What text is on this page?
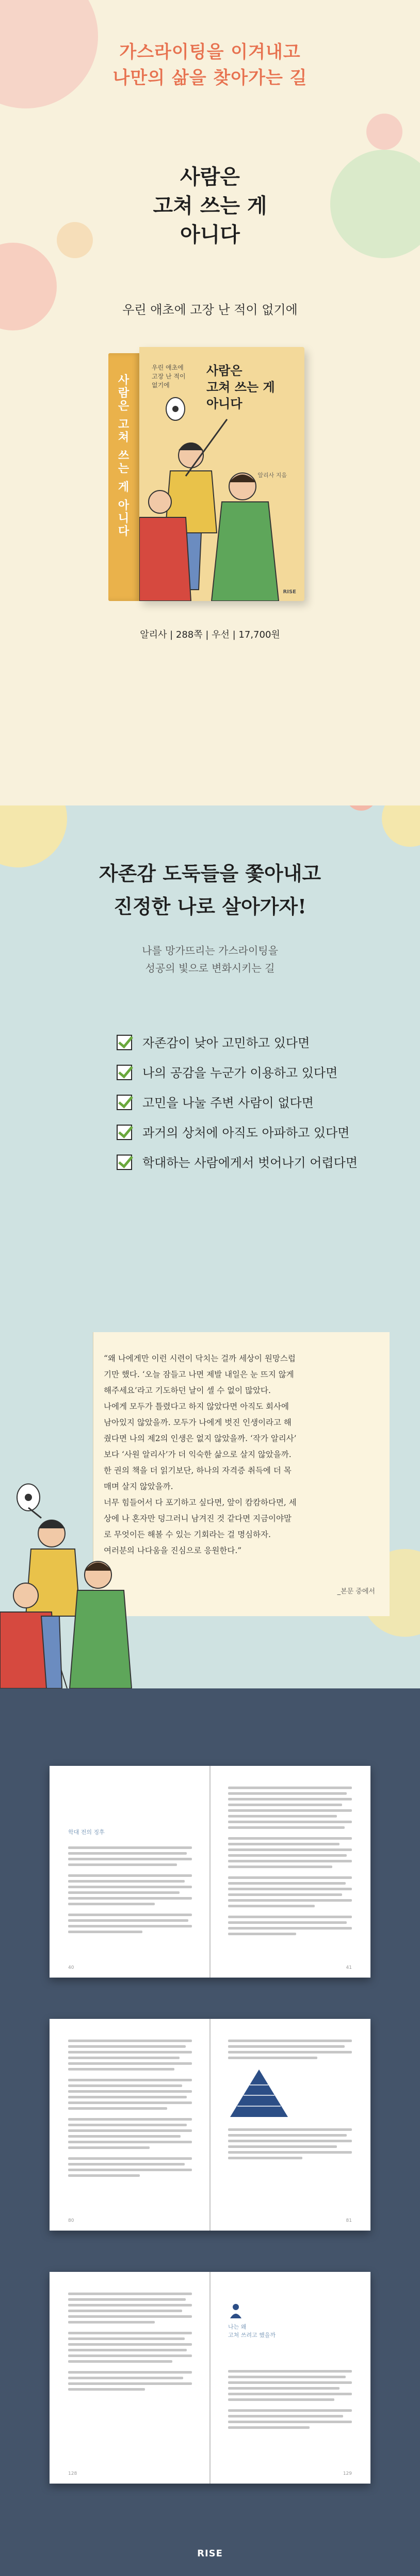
가스라이팅을 이겨내고
나만의 삶을 찾아가는 길
사람은
고쳐 쓰는 게
아니다
우린 애초에 고장 난 적이 없기에
사람은 고쳐 쓰는 게 아니다
우린 애초에
고장 난 적이
없기에
사람은
고쳐 쓰는 게
아니다
알리사 지음
RISE
알리사 | 288쪽 | 우선 | 17,700원
자존감 도둑들을 쫓아내고
진정한 나로 살아가자!
나를 망가뜨리는 가스라이팅을
성공의 빛으로 변화시키는 길
자존감이 낮아 고민하고 있다면
나의 공감을 누군가 이용하고 있다면
고민을 나눌 주변 사람이 없다면
과거의 상처에 아직도 아파하고 있다면
학대하는 사람에게서 벗어나기 어렵다면
“왜 나에게만 이런 시련이 닥치는 걸까 세상이 원망스럽
기만 했다. ‘오늘 잠들고 나면 제발 내일은 눈 뜨지 않게
해주세요’라고 기도하던 날이 셀 수 없이 많았다.
나에게 모두가 틀렸다고 하지 않았다면 아직도 회사에
남아있지 않았을까. 모두가 나에게 벗진 인생이라고 해
줬다면 나의 제2의 인생은 없지 않았을까. ‘작가 알리사’
보다 ‘사원 알리사’가 더 익숙한 삶으로 살지 않았을까.
한 권의 책을 더 읽기보단, 하나의 자격증 취득에 더 목
매며 살지 않았을까.
너무 힘들어서 다 포기하고 싶다면, 앞이 캄캄하다면, 세
상에 나 혼자만 덩그러니 남겨진 것 같다면 지금이야말
로 무엇이든 해볼 수 있는 기회라는 걸 명심하자.
여러분의 나다움을 진심으로 응원한다.”
_본문 중에서
학대 전의 징후
40	41
80	81
나는 왜
고쳐 쓰려고 했을까
128	129
RISE
